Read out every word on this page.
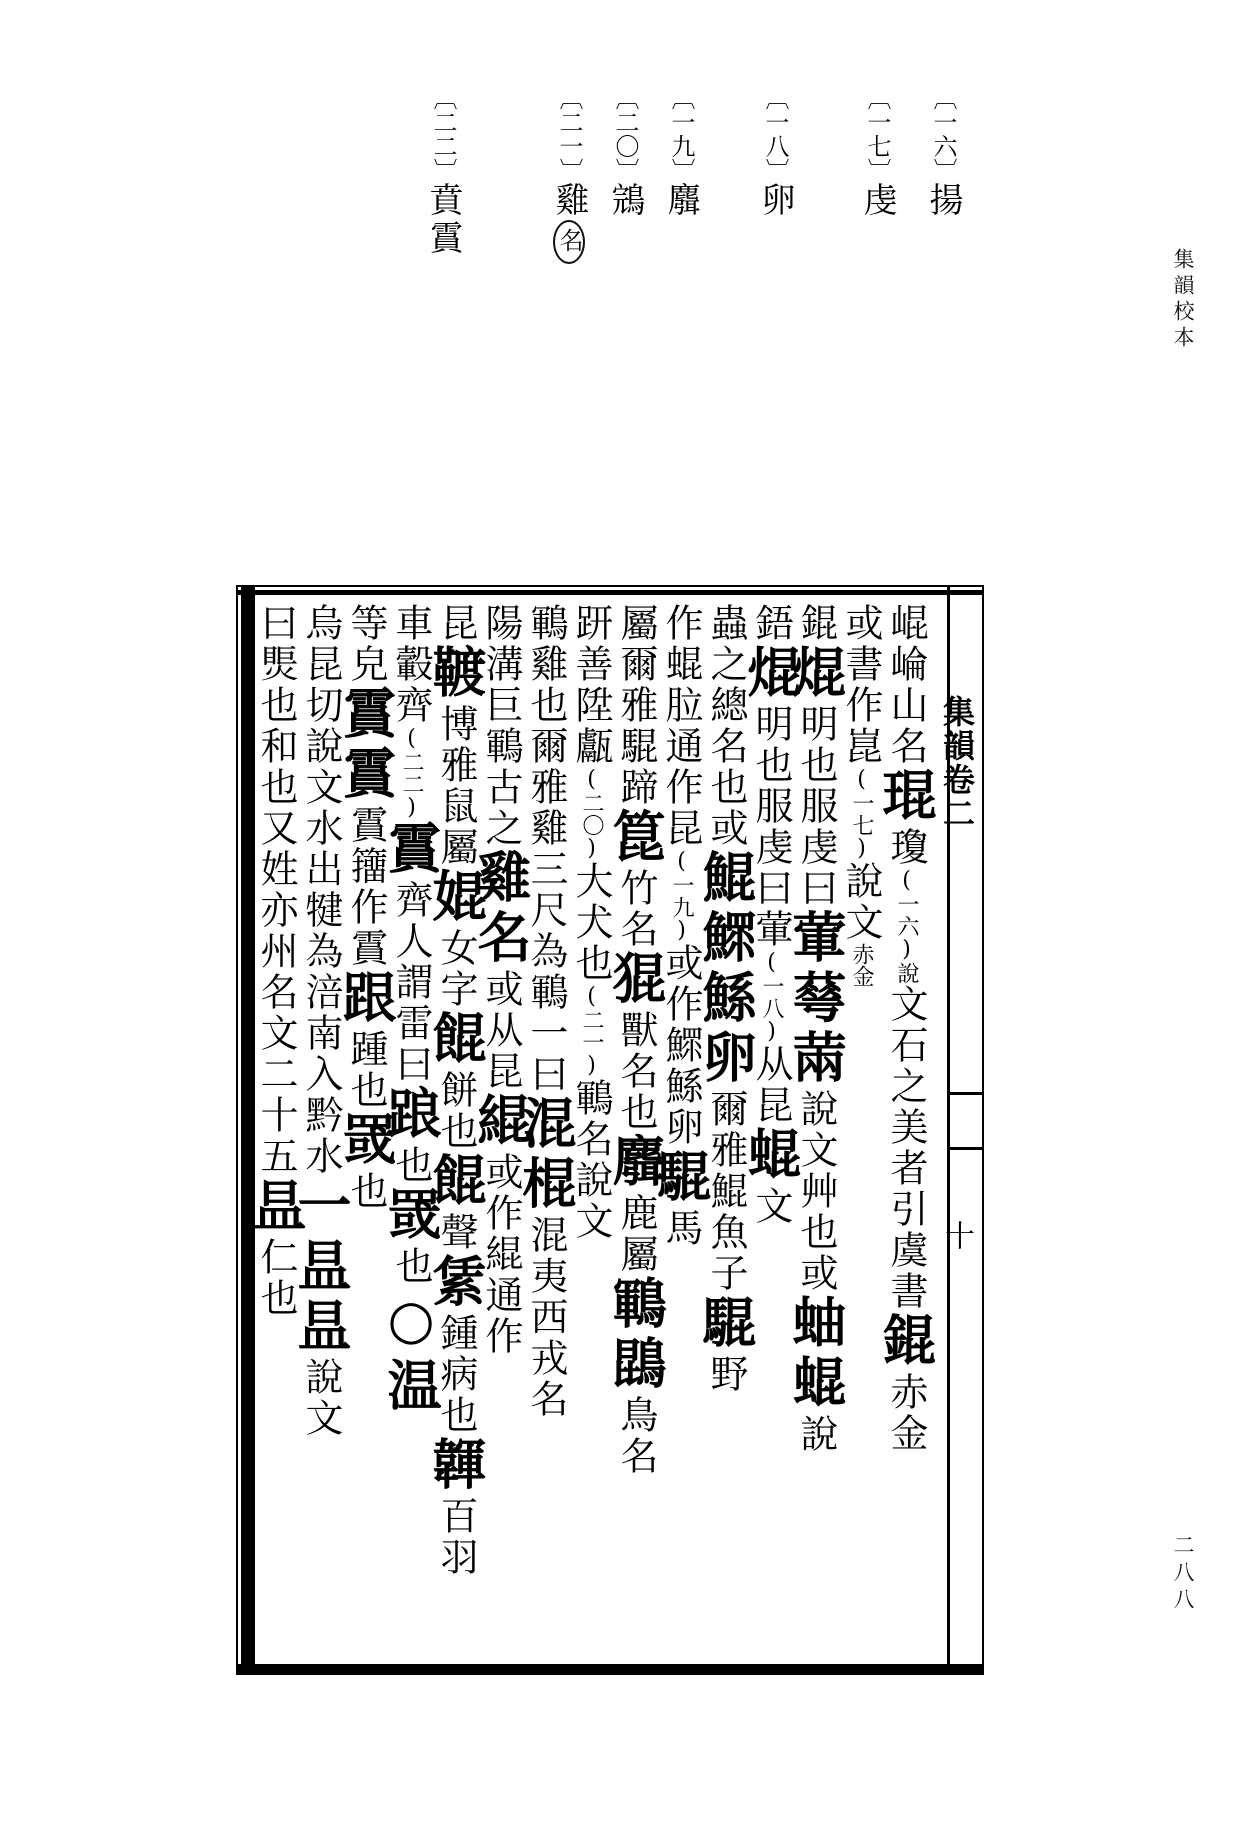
集韻校本
二八八
〔一六〕揚
〔一七〕虔
〔一八〕卵
〔一九〕麛
〔二〇〕鵍
〔二一〕雞名
〔二二〕賁霣
集韻卷二
十
崐崘山名琨瓊(一六)說文石之美者引虞書錕赤金
或書作崑(一七)說文赤金
錕焜明也服虔曰葷䔢䓣說文艸也或蚰蜫說
鋙焜明也服虔曰葷(一八)从昆蜫文
蟲之總名也或鯤鰥鯀卵爾雅鯤魚子騉野
作蜫䏠通作昆(一九)或作鰥鯀卵騉馬
屬爾雅騉蹄箟竹名猑獸名也麛鹿屬鶤鵾鳥名
趼善陞甗(二〇)大犬也(二一)鶤名說文
鶤雞也爾雅雞三尺為鶤一曰混棍混夷西戎名
陽溝巨鶤古之雞名或从昆緄或作緄通作
昆䩲博雅鼠屬婫女字餛餅也餛聲䋕鍾病也韗百羽
車轂齊(二二)霣齊人謂雷曰踉也罭也○温
等皃霣霣霣籒作霣跟踵也罭也
烏昆切說文水出犍為涪南入黔水一昷昷說文
曰㷡也和也又姓亦州名文二十五昷仁也
